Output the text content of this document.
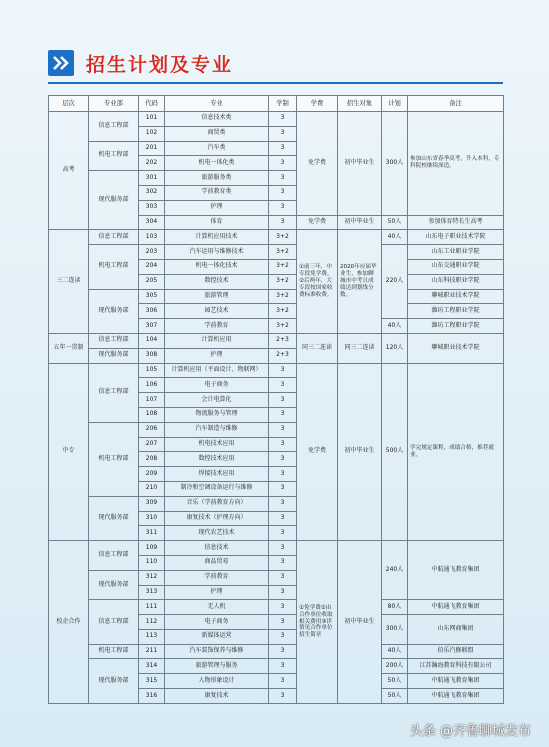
招生计划及专业
层次	专业部	代码	专业	学制	学费	招生对象	计划	备注
高考	信息工程部	101	信息技术类	3	免学费	初中毕业生	300人	参加山东省春季高考，升入本科，专科院校继续深造。
		102	商贸类	3				
	机电工程部	201	汽车类	3				
		202	机电一体化类	3				
	现代服务部	301	旅游服务类	3				
		302	学前教育类	3				
		303	护理	3				
		304	体育	3	免学费	初中毕业生	50人	参加体育特长生高考
三二连读	信息工程部	103	计算机应用技术	3+2	①前三年，中专段免学费。②后两年，大专段按国家收费标准收费。	2020年应届毕业生，参加聊城市中考且成绩达到划线分数。	40人	山东电子职业技术学院
	机电工程部	203	汽车运用与维修技术	3+2			220人	山东工业职业学院
		204	机电一体化技术	3+2				山东交通职业学院
		205	数控技术	3+2				山东科技职业学院
	现代服务部	305	旅游管理	3+2				聊城职业技术学院
		306	园艺技术	3+2				潍坊工程职业学院
		307	学前教育	3+2			40人	潍坊工程职业学院
五年一贯制	信息工程部	104	计算机应用	2+3	同三二连读	同三二连读	120人	聊城职业技术学院
	现代服务部	308	护理	2+3				
中专	信息工程部	105	计算机应用（平面设计、物联网）	3	免学费	初中毕业生	500人	学完规定课程，成绩合格，推荐就业。
		106	电子商务	3				
		107	会计电算化	3				
		108	物流服务与管理	3				
	机电工程部	206	汽车制造与维修	3				
		207	机电技术应用	3				
		208	数控技术应用	3				
		209	焊接技术应用	3				
		210	制冷和空调设备运行与维修	3				
	现代服务部	309	音乐（学前教育方向）	3				
		310	康复技术（护理方向）	3				
		311	现代农艺技术	3				
校企合作	信息工程部	109	信息技术	3	①免学费②由合作单位收取相关费用③详情见合作单位招生简章	初中毕业生	240人	中航通飞教育集团
		110	商品贸易	3				
	现代服务部	312	学前教育	3				
		313	护理	3				
	信息工程部	111	无人机	3			80人	中航通飞教育集团
		112	电子商务	3			300人	山东网商集团
		113	新媒体运营	3				
	机电工程部	211	汽车装饰保养与维修	3			40人	伯乐汽修联盟
	现代服务部	314	旅游管理与服务	3			200人	江苏瀚海教育科技有限公司
		315	人物形象设计	3			50人	中航通飞教育集团
		316	康复技术	3			50人	中航通飞教育集团
头条 @齐鲁聊城发布
